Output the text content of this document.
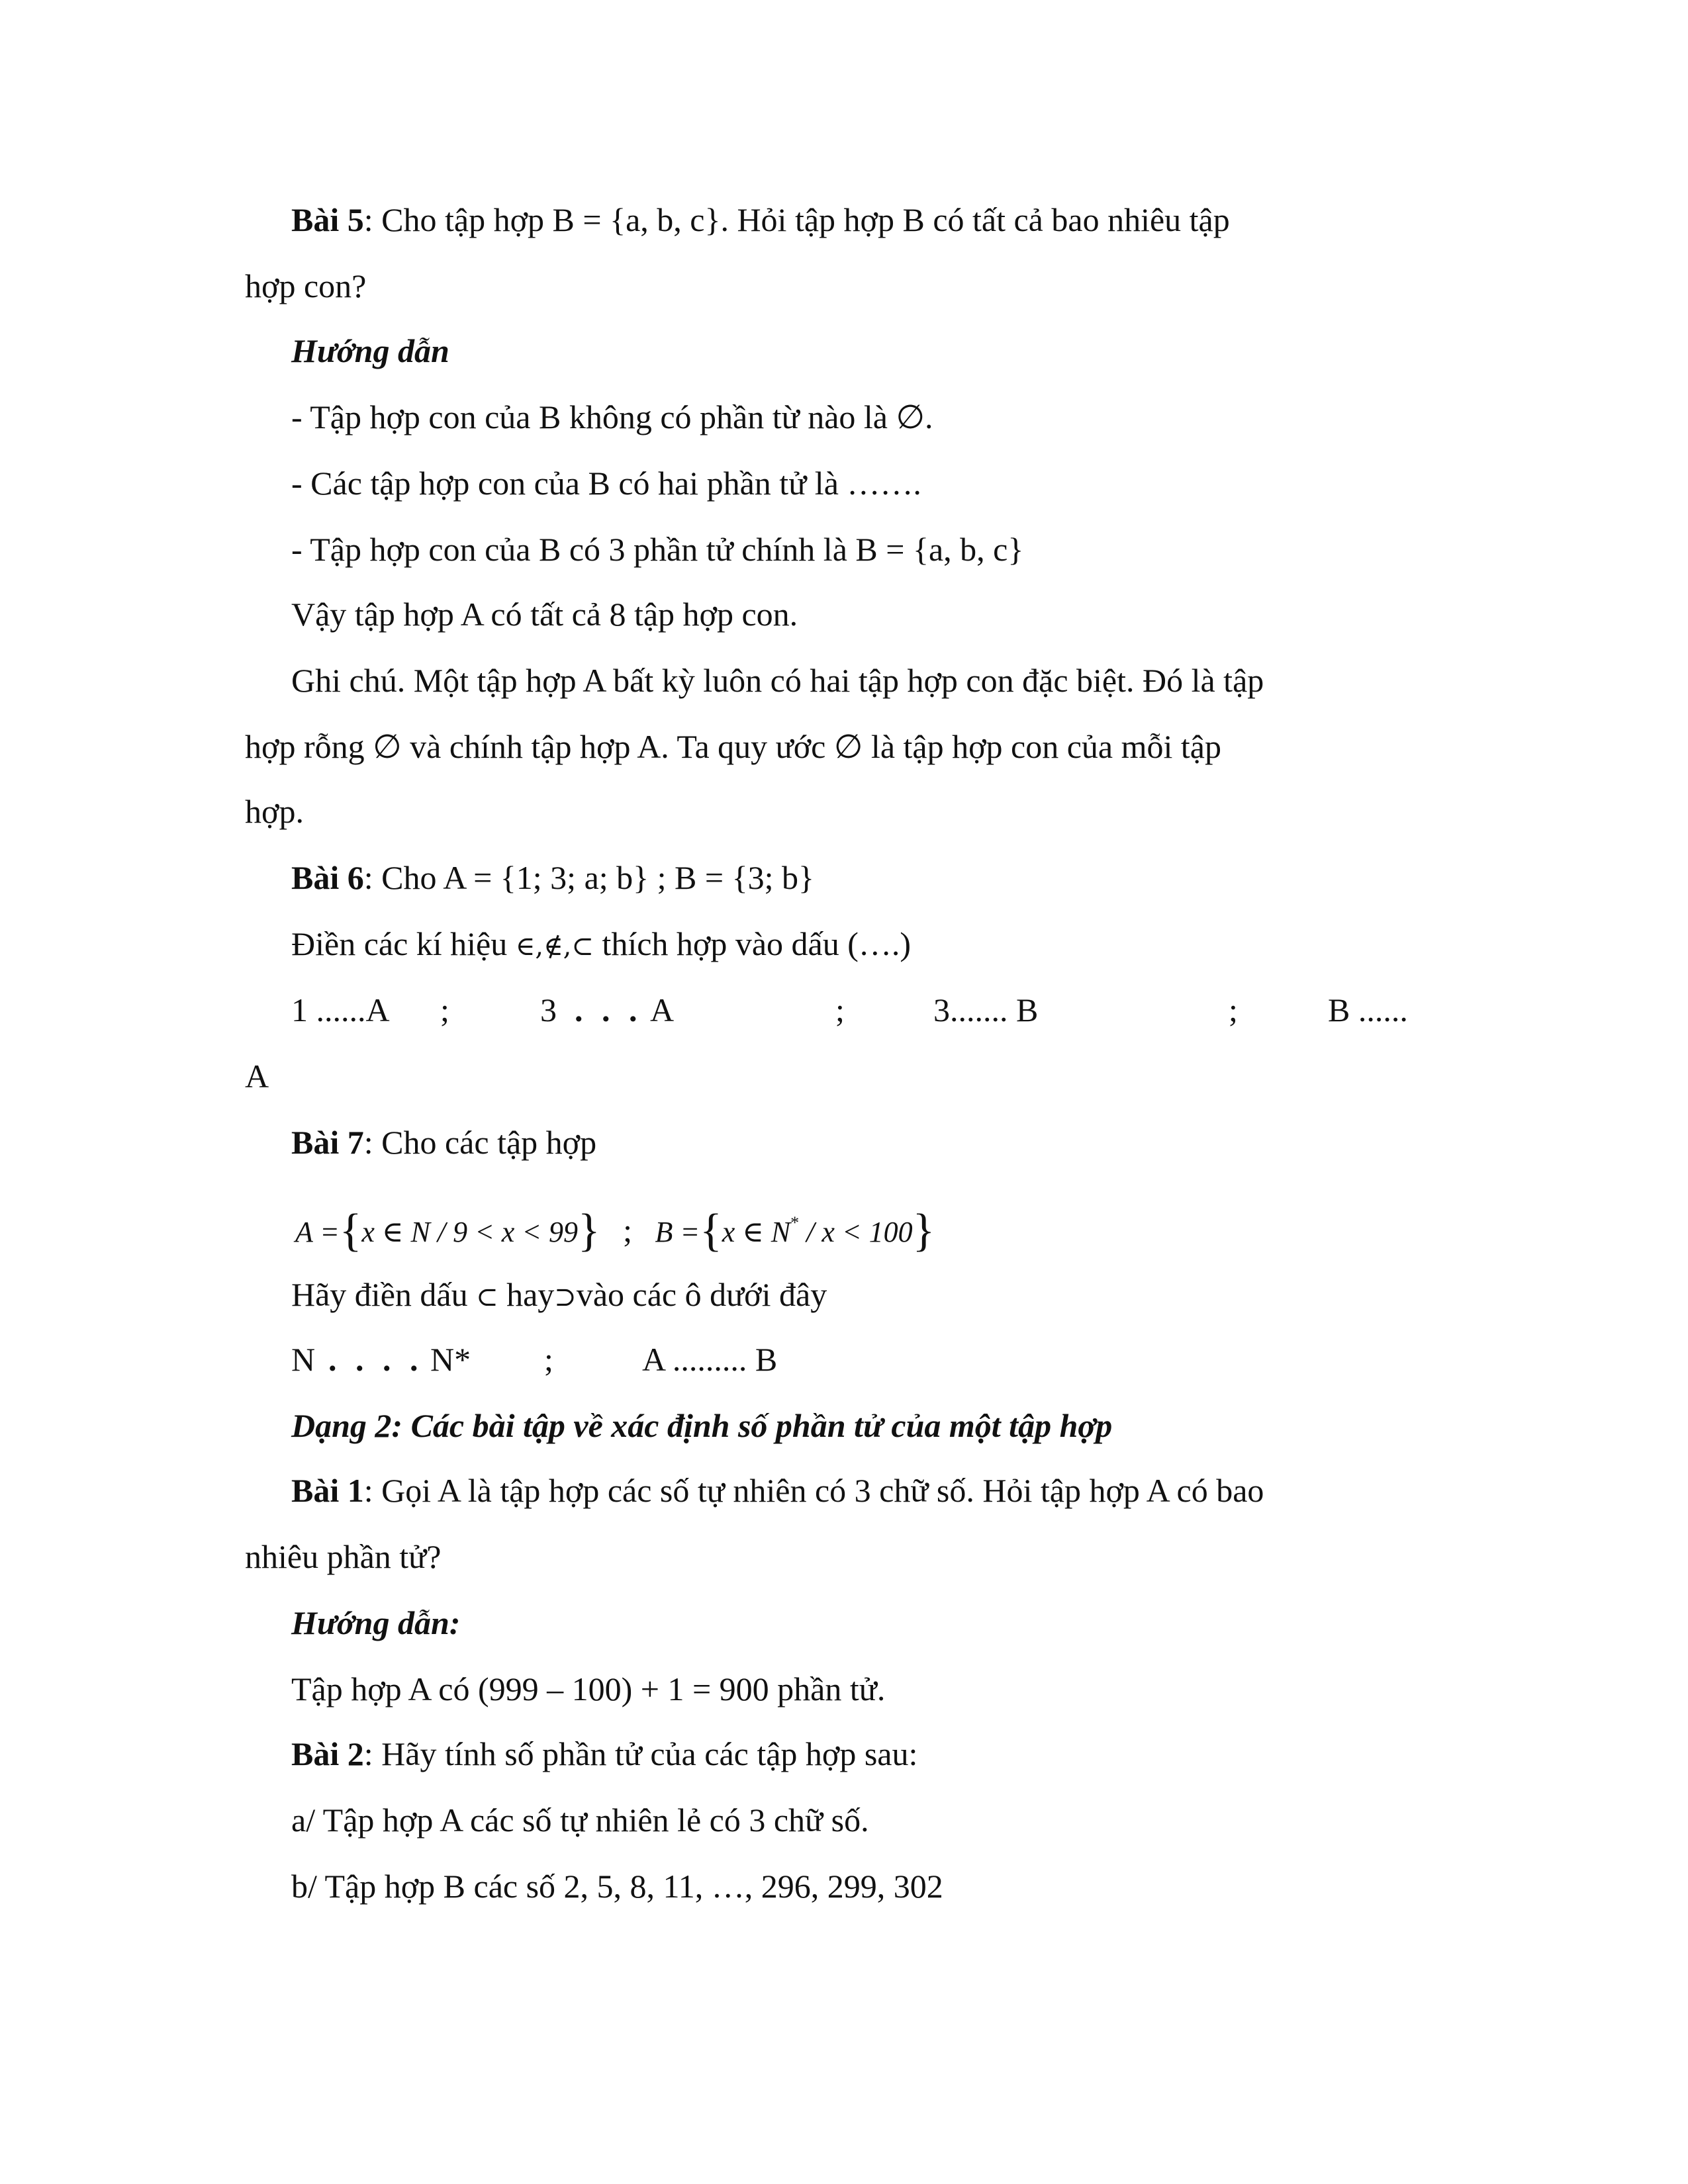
Bài 5: Cho tập hợp B = {a, b, c}. Hỏi tập hợp B có tất cả bao nhiêu tập
hợp con?
Hướng dẫn
- Tập hợp con của B không có phần từ nào là ∅.
- Các tập hợp con của B có hai phần tử là …….
- Tập hợp con của B có 3 phần tử chính là B = {a, b, c}
Vậy tập hợp A có tất cả 8 tập hợp con.
Ghi chú. Một tập hợp A bất kỳ luôn có hai tập hợp con đặc biệt. Đó là tập
hợp rỗng ∅ và chính tập hợp A. Ta quy ước ∅ là tập hợp con của mỗi tập
hợp.
Bài 6: Cho A = {1; 3; a; b} ; B = {3; b}
Điền các kí hiệu ∈,∉,⊂ thích hợp vào dấu (….)
1 ......A ;	3 . . . A	;	3....... B	;	B ......
A
Bài 7: Cho các tập hợp
A ={x ∈ N / 9 < x < 99} ; B ={x ∈ N* / x < 100}
Hãy điền dấu ⊂ hay⊃vào các ô dưới đây
N . . . . N* ;	A ......... B
Dạng 2: Các bài tập về xác định số phần tử của một tập hợp
Bài 1: Gọi A là tập hợp các số tự nhiên có 3 chữ số. Hỏi tập hợp A có bao
nhiêu phần tử?
Hướng dẫn:
Tập hợp A có (999 – 100) + 1 = 900 phần tử.
Bài 2: Hãy tính số phần tử của các tập hợp sau:
a/ Tập hợp A các số tự nhiên lẻ có 3 chữ số.
b/ Tập hợp B các số 2, 5, 8, 11, …, 296, 299, 302
